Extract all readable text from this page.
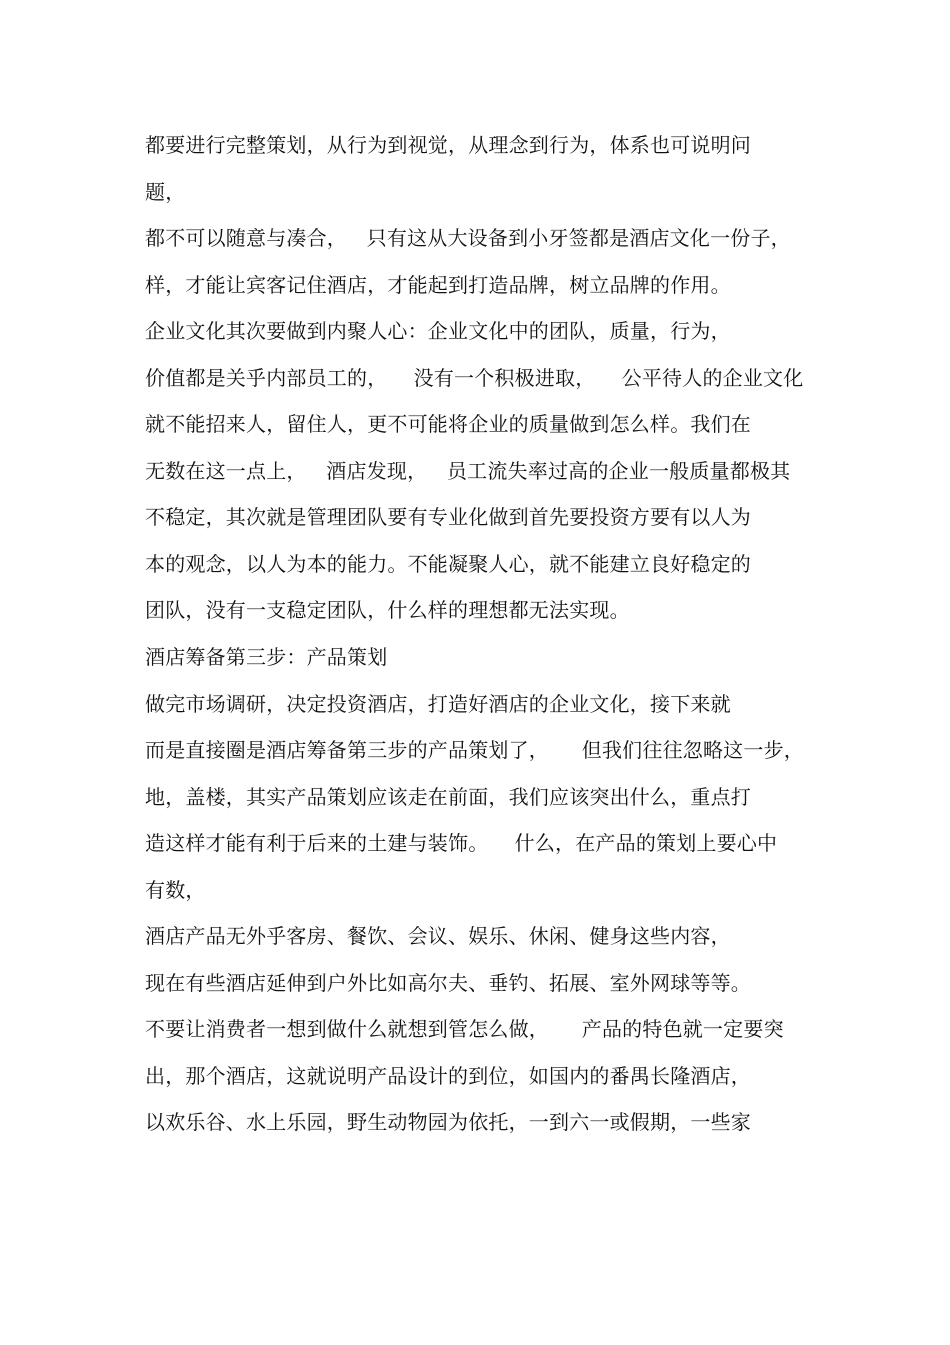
都要进行完整策划，从行为到视觉，从理念到行为，体系也可说明问
题，
都不可以随意与凑合，   只有这从大设备到小牙签都是酒店文化一份子，
样，才能让宾客记住酒店，才能起到打造品牌，树立品牌的作用。
企业文化其次要做到内聚人心：企业文化中的团队，质量，行为，
价值都是关乎内部员工的，    没有一个积极进取，    公平待人的企业文化
就不能招来人，留住人，更不可能将企业的质量做到怎么样。我们在
无数在这一点上，   酒店发现，   员工流失率过高的企业一般质量都极其
不稳定，其次就是管理团队要有专业化做到首先要投资方要有以人为
本的观念，以人为本的能力。不能凝聚人心，就不能建立良好稳定的
团队，没有一支稳定团队，什么样的理想都无法实现。
酒店筹备第三步：产品策划
做完市场调研，决定投资酒店，打造好酒店的企业文化，接下来就
而是直接圈是酒店筹备第三步的产品策划了，     但我们往往忽略这一步，
地，盖楼，其实产品策划应该走在前面，我们应该突出什么，重点打
造这样才能有利于后来的土建与装饰。    什么，在产品的策划上要心中
有数，
酒店产品无外乎客房、餐饮、会议、娱乐、休闲、健身这些内容，
现在有些酒店延伸到户外比如高尔夫、垂钓、拓展、室外网球等等。
不要让消费者一想到做什么就想到管怎么做，     产品的特色就一定要突
出，那个酒店，这就说明产品设计的到位，如国内的番禺长隆酒店，
以欢乐谷、水上乐园，野生动物园为依托，一到六一或假期，一些家
